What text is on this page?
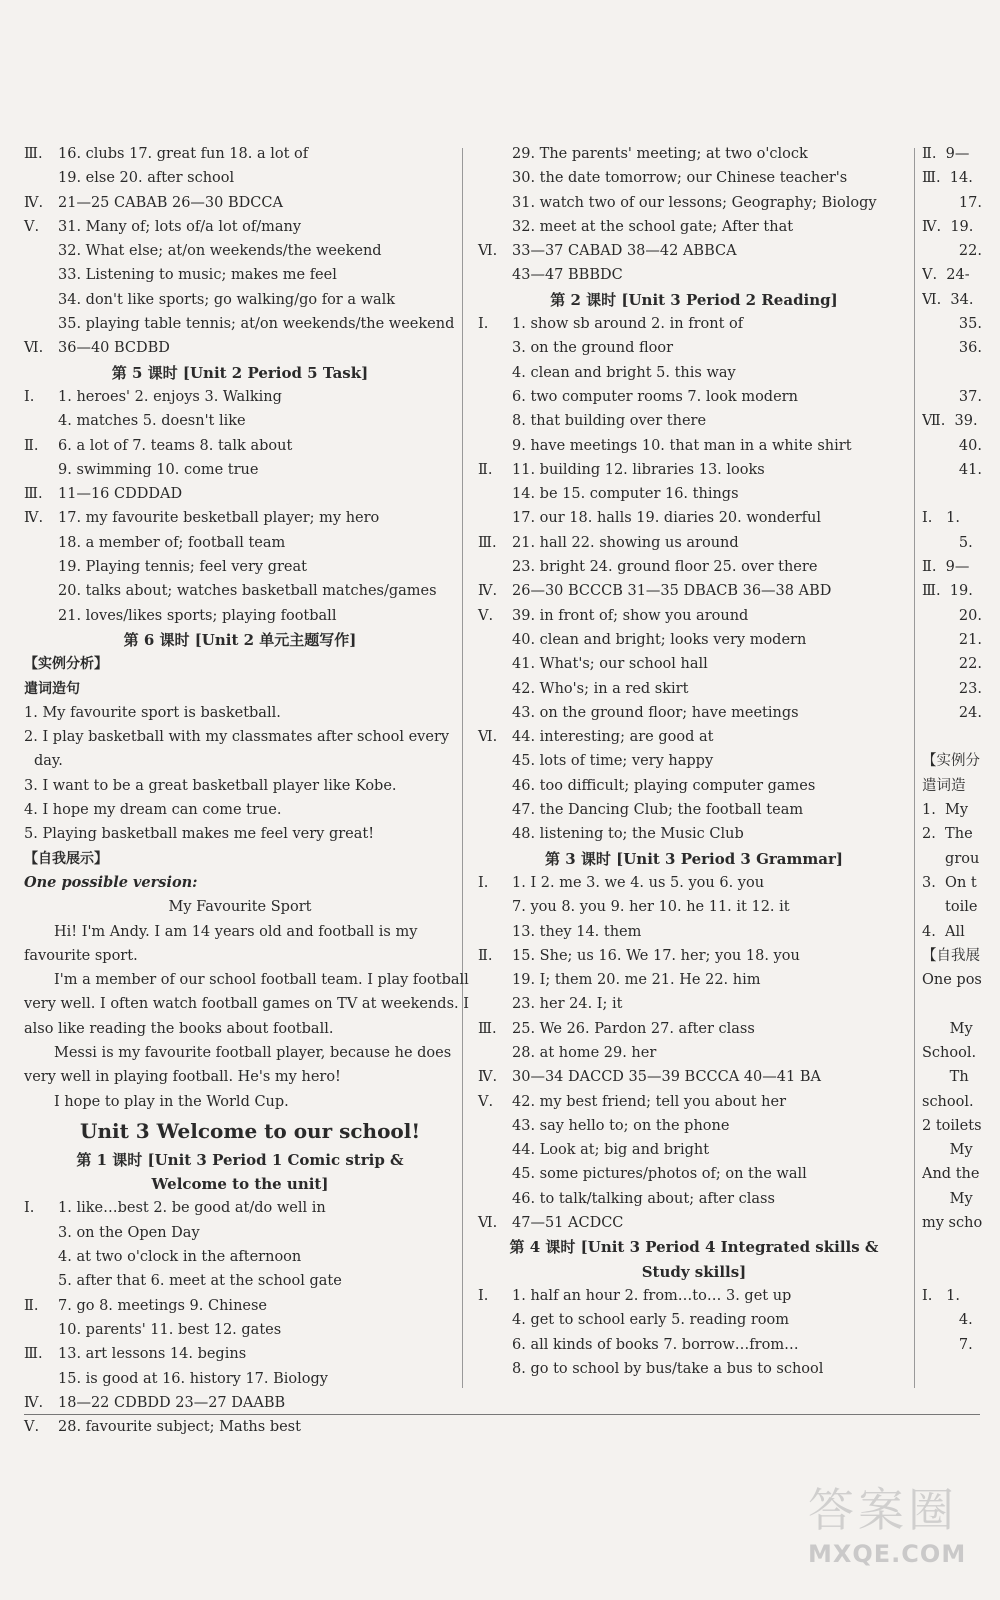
Ⅲ. 16. clubs 17. great fun 18. a lot of
19. else 20. after school
Ⅳ. 21—25 CABAB 26—30 BDCCA
Ⅴ. 31. Many of; lots of/a lot of/many
32. What else; at/on weekends/the weekend
33. Listening to music; makes me feel
34. don't like sports; go walking/go for a walk
35. playing table tennis; at/on weekends/the weekend
Ⅵ. 36—40 BCDBD
第 5 课时 [Unit 2 Period 5 Task]
Ⅰ. 1. heroes' 2. enjoys 3. Walking
4. matches 5. doesn't like
Ⅱ. 6. a lot of 7. teams 8. talk about
9. swimming 10. come true
Ⅲ. 11—16 CDDDAD
Ⅳ. 17. my favourite besketball player; my hero
18. a member of; football team
19. Playing tennis; feel very great
20. talks about; watches basketball matches/games
21. loves/likes sports; playing football
第 6 课时 [Unit 2 单元主题写作]
【实例分析】
遣词造句
1. My favourite sport is basketball.
2. I play basketball with my classmates after school every
day.
3. I want to be a great basketball player like Kobe.
4. I hope my dream can come true.
5. Playing basketball makes me feel very great!
【自我展示】
One possible version:
My Favourite Sport
Hi! I'm Andy. I am 14 years old and football is my
favourite sport.
I'm a member of our school football team. I play football
very well. I often watch football games on TV at weekends. I
also like reading the books about football.
Messi is my favourite football player, because he does
very well in playing football. He's my hero!
I hope to play in the World Cup.
Unit 3 Welcome to our school!
第 1 课时 [Unit 3 Period 1 Comic strip &
Welcome to the unit]
Ⅰ. 1. like…best 2. be good at/do well in
3. on the Open Day
4. at two o'clock in the afternoon
5. after that 6. meet at the school gate
Ⅱ. 7. go 8. meetings 9. Chinese
10. parents' 11. best 12. gates
Ⅲ. 13. art lessons 14. begins
15. is good at 16. history 17. Biology
Ⅳ. 18—22 CDBDD 23—27 DAABB
Ⅴ. 28. favourite subject; Maths best
29. The parents' meeting; at two o'clock
30. the date tomorrow; our Chinese teacher's
31. watch two of our lessons; Geography; Biology
32. meet at the school gate; After that
Ⅵ. 33—37 CABAD 38—42 ABBCA
43—47 BBBDC
第 2 课时 [Unit 3 Period 2 Reading]
Ⅰ. 1. show sb around 2. in front of
3. on the ground floor
4. clean and bright 5. this way
6. two computer rooms 7. look modern
8. that building over there
9. have meetings 10. that man in a white shirt
Ⅱ. 11. building 12. libraries 13. looks
14. be 15. computer 16. things
17. our 18. halls 19. diaries 20. wonderful
Ⅲ. 21. hall 22. showing us around
23. bright 24. ground floor 25. over there
Ⅳ. 26—30 BCCCB 31—35 DBACB 36—38 ABD
Ⅴ. 39. in front of; show you around
40. clean and bright; looks very modern
41. What's; our school hall
42. Who's; in a red skirt
43. on the ground floor; have meetings
Ⅵ. 44. interesting; are good at
45. lots of time; very happy
46. too difficult; playing computer games
47. the Dancing Club; the football team
48. listening to; the Music Club
第 3 课时 [Unit 3 Period 3 Grammar]
Ⅰ. 1. I 2. me 3. we 4. us 5. you 6. you
7. you 8. you 9. her 10. he 11. it 12. it
13. they 14. them
Ⅱ. 15. She; us 16. We 17. her; you 18. you
19. I; them 20. me 21. He 22. him
23. her 24. I; it
Ⅲ. 25. We 26. Pardon 27. after class
28. at home 29. her
Ⅳ. 30—34 DACCD 35—39 BCCCA 40—41 BA
Ⅴ. 42. my best friend; tell you about her
43. say hello to; on the phone
44. Look at; big and bright
45. some pictures/photos of; on the wall
46. to talk/talking about; after class
Ⅵ. 47—51 ACDCC
第 4 课时 [Unit 3 Period 4 Integrated skills &
Study skills]
Ⅰ. 1. half an hour 2. from…to… 3. get up
4. get to school early 5. reading room
6. all kinds of books 7. borrow…from…
8. go to school by bus/take a bus to school
Ⅱ.  9—
Ⅲ.  14.
17.
Ⅳ.  19.
22.
Ⅴ.  24-
Ⅵ.  34.
35.
36.
37.
Ⅶ.  39.
40.
41.
Ⅰ.   1.
5.
Ⅱ.  9—
Ⅲ.  19.
20.
21.
22.
23.
24.
【实例分
遣词造
1.  My
2.  The
grou
3.  On t
toile
4.  All
【自我展
One pos
My
School.
Th
school.
2 toilets
My
And the
My
my scho
Ⅰ.   1.
4.
7.
答案圈
MXQE.COM
